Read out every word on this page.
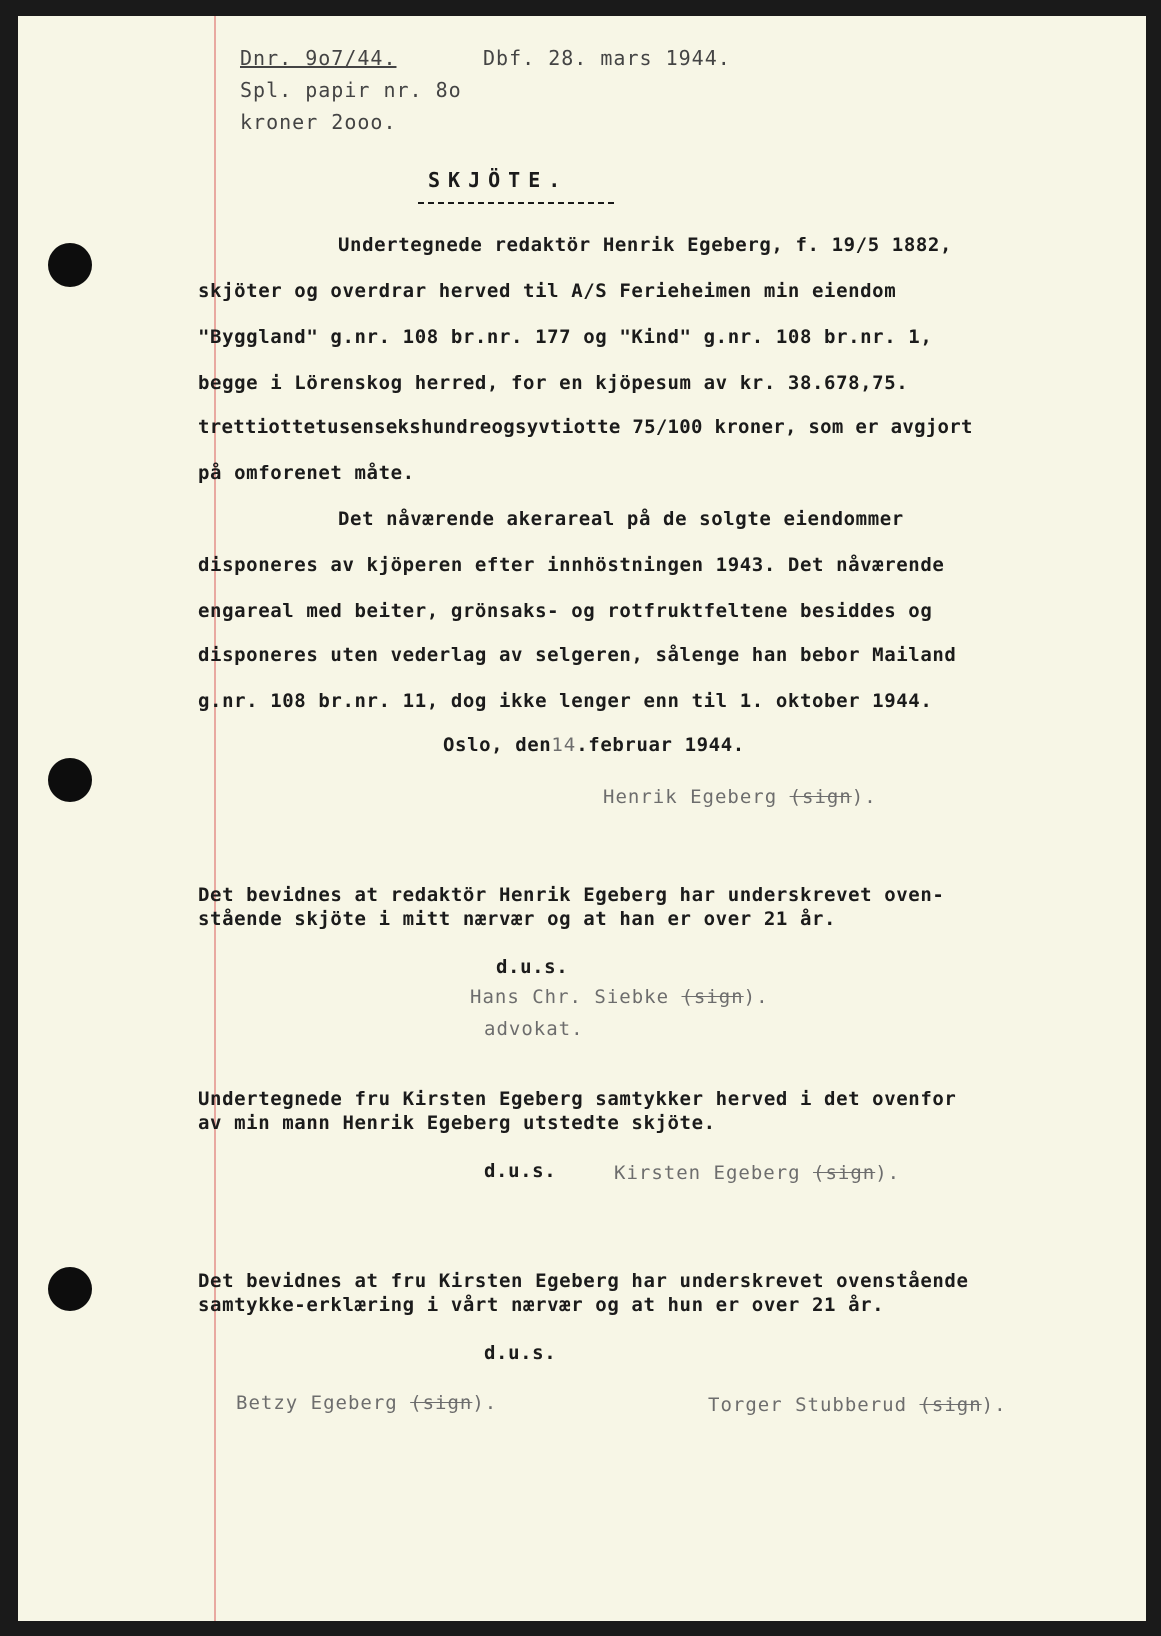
Dnr. 9o7/44.	Dbf. 28. mars 1944.
Spl. papir nr. 8o
kroner 2ooo.
SKJÖTE.
Undertegnede redaktör Henrik Egeberg, f. 19/5 1882,
skjöter og overdrar herved til A/S Ferieheimen min eiendom
"Byggland" g.nr. 108 br.nr. 177 og "Kind" g.nr. 108 br.nr. 1,
begge i Lörenskog herred, for en kjöpesum av kr. 38.678,75.
trettiottetusensekshundreogsyvtiotte 75/100 kroner, som er avgjort
på omforenet måte.
Det nåværende akerareal på de solgte eiendommer
disponeres av kjöperen efter innhöstningen 1943. Det nåværende
engareal med beiter, grönsaks- og rotfruktfeltene besiddes og
disponeres uten vederlag av selgeren, sålenge han bebor Mailand
g.nr. 108 br.nr. 11, dog ikke lenger enn til 1. oktober 1944.
Oslo, den14.februar 1944.
Henrik Egeberg (sign).
Det bevidnes at redaktör Henrik Egeberg har underskrevet oven-
stående skjöte i mitt nærvær og at han er over 21 år.
d.u.s.
Hans Chr. Siebke (sign).
advokat.
Undertegnede fru Kirsten Egeberg samtykker herved i det ovenfor
av min mann Henrik Egeberg utstedte skjöte.
d.u.s.	Kirsten Egeberg (sign).
Det bevidnes at fru Kirsten Egeberg har underskrevet ovenstående
samtykke-erklæring i vårt nærvær og at hun er over 21 år.
d.u.s.
Betzy Egeberg (sign).	Torger Stubberud (sign).
